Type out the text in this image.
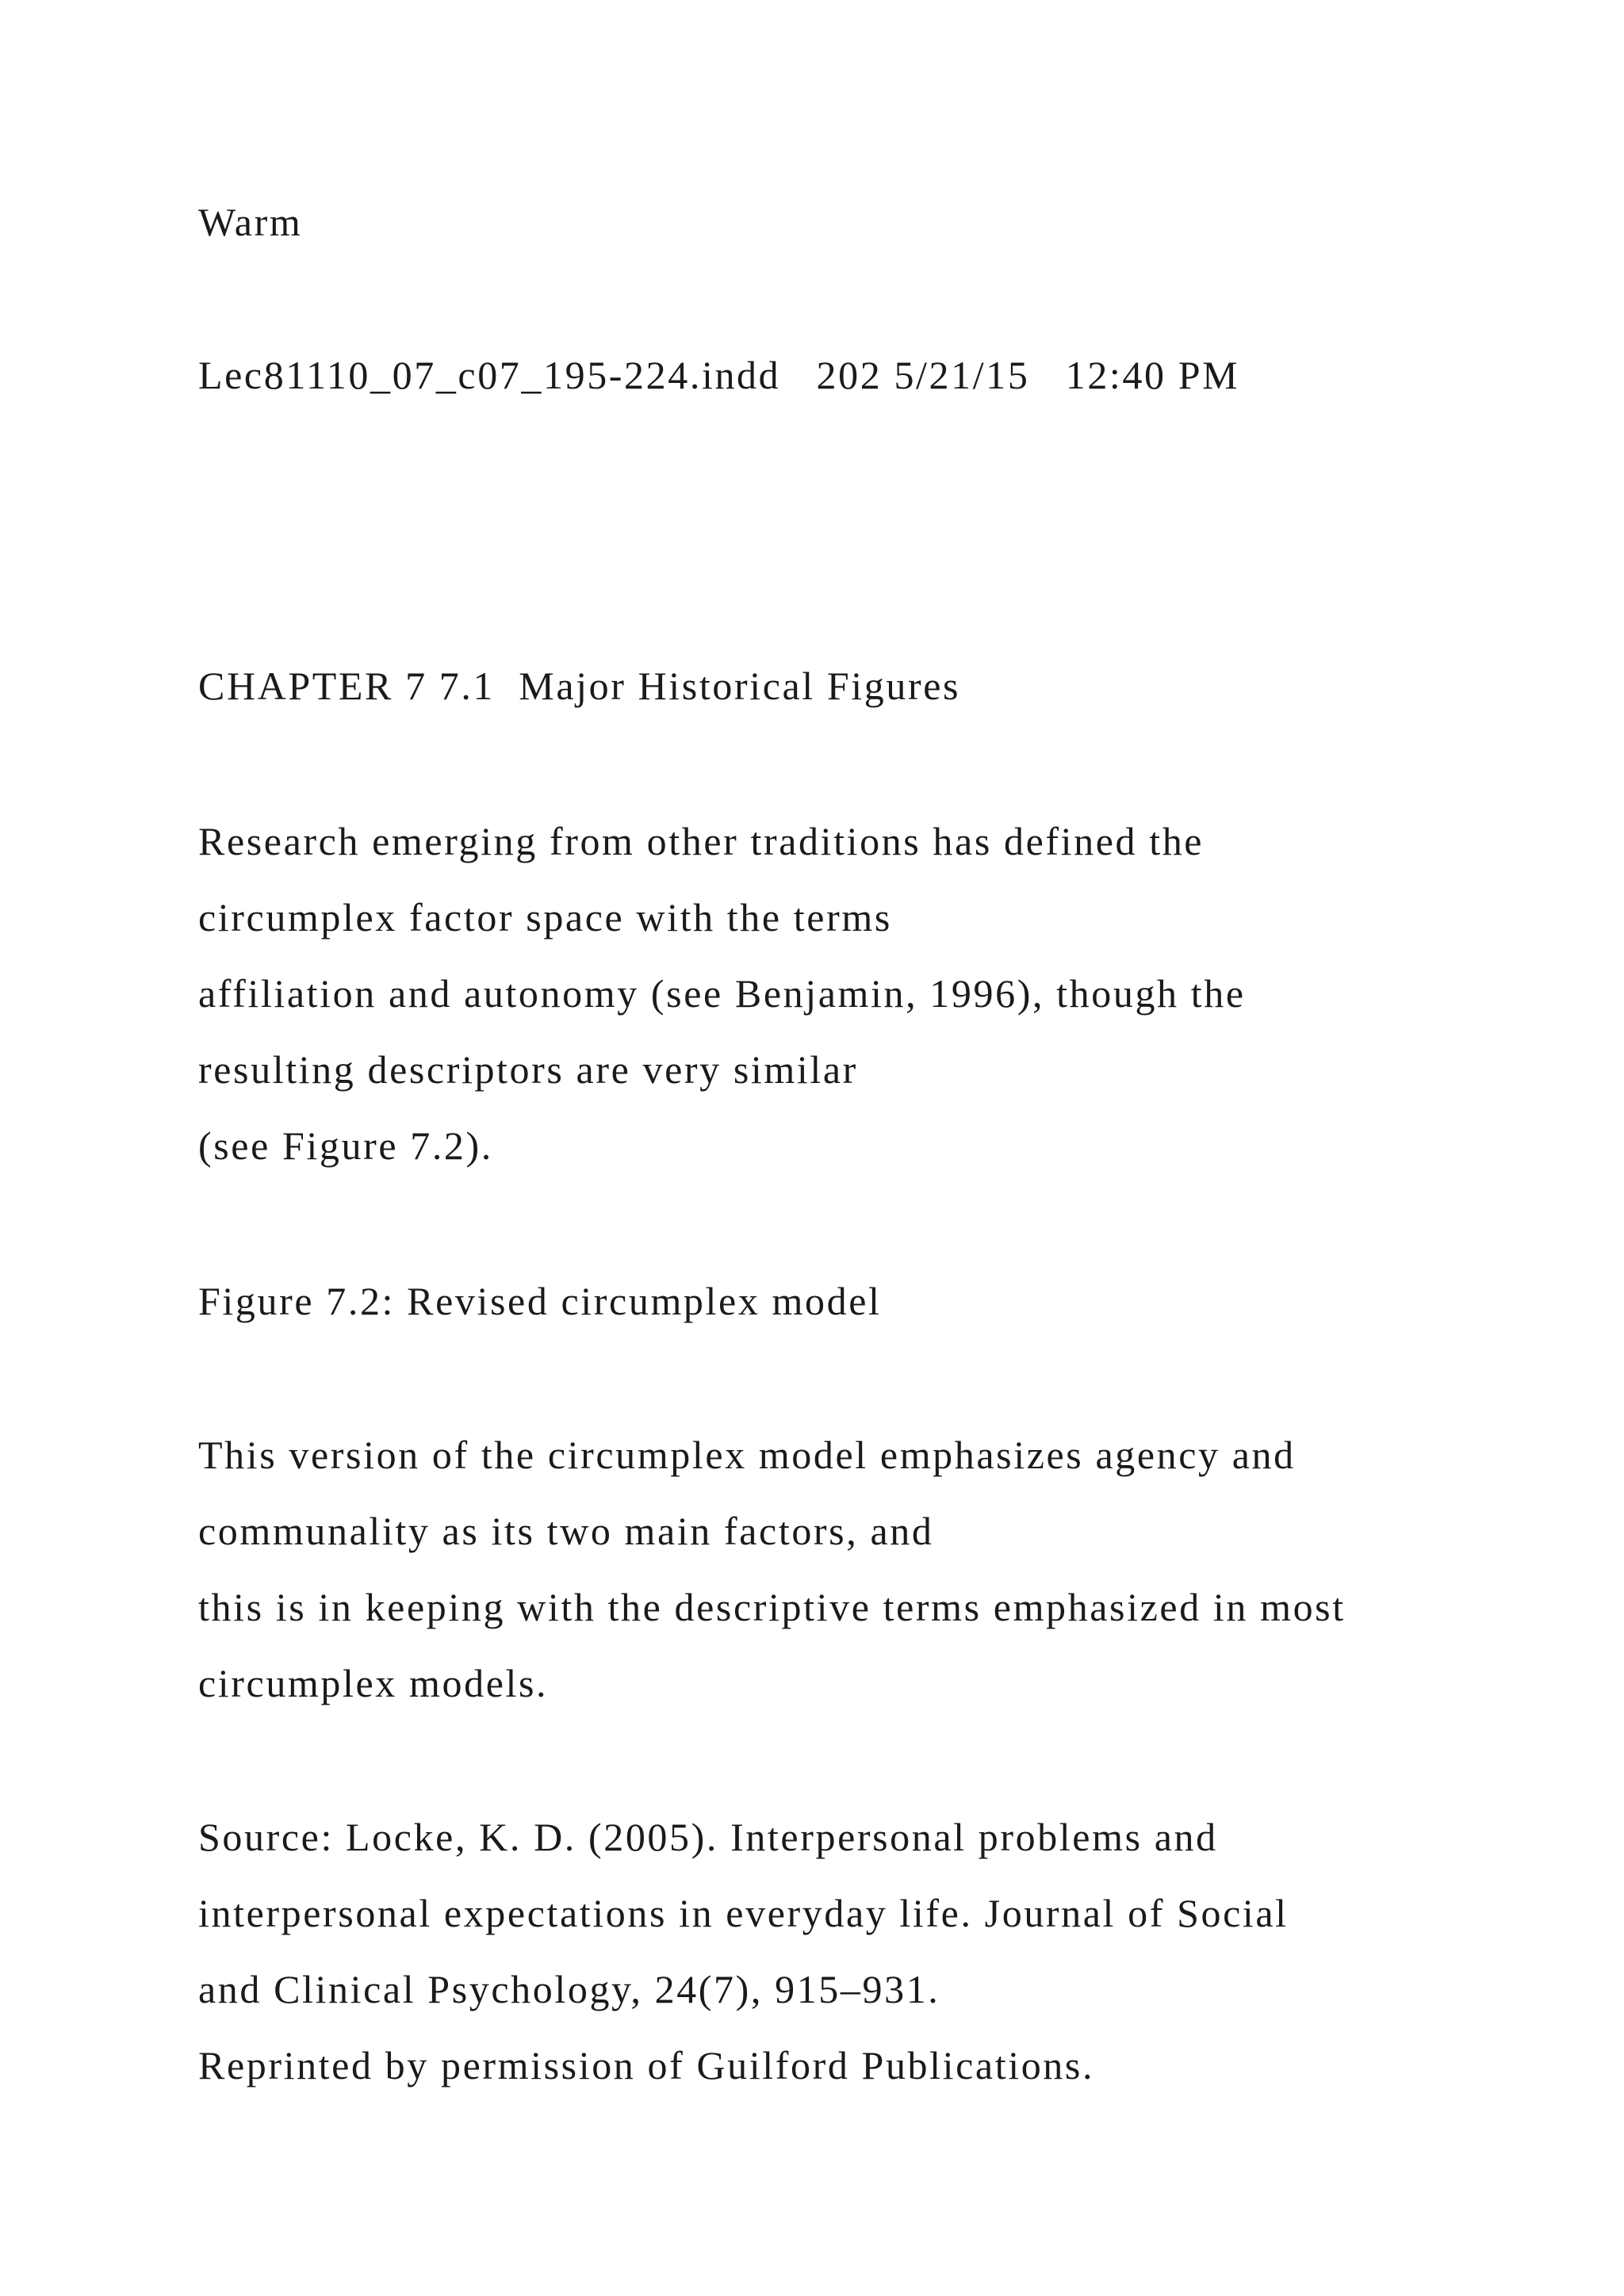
Warm
Lec81110_07_c07_195-224.indd   202 5/21/15   12:40 PM
CHAPTER 7 7.1  Major Historical Figures
Research emerging from other traditions has defined the
circumplex factor space with the terms
affiliation and autonomy (see Benjamin, 1996), though the
resulting descriptors are very similar
(see Figure 7.2).
Figure 7.2: Revised circumplex model
This version of the circumplex model emphasizes agency and
communality as its two main factors, and
this is in keeping with the descriptive terms emphasized in most
circumplex models.
Source: Locke, K. D. (2005). Interpersonal problems and
interpersonal expectations in everyday life. Journal of Social
and Clinical Psychology, 24(7), 915–931.
Reprinted by permission of Guilford Publications.
